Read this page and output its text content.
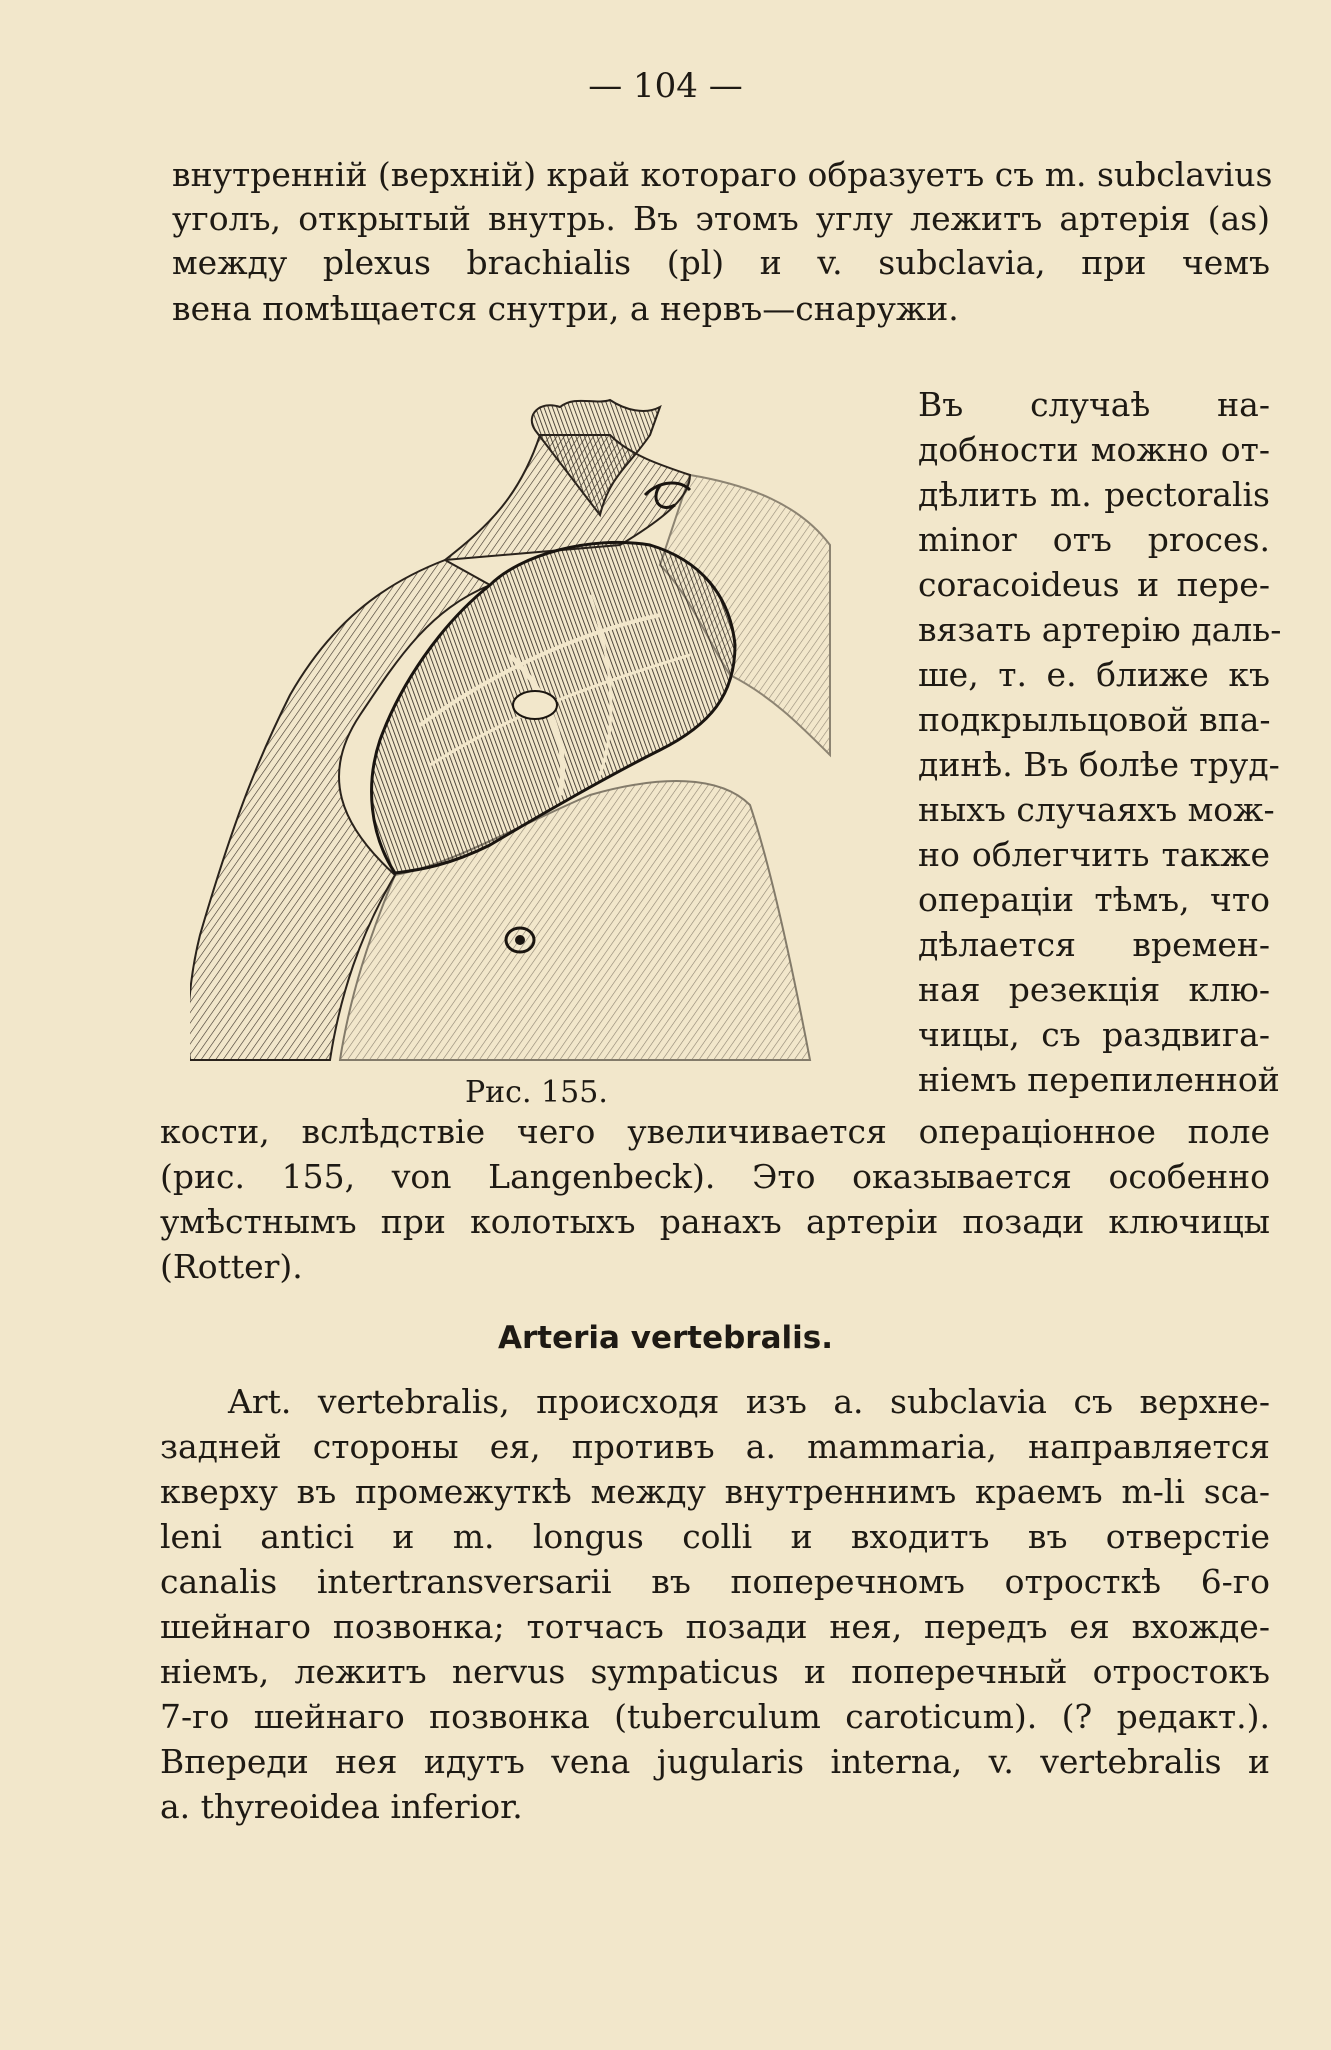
— 104 —
внутренній (верхній) край котораго образуетъ съ m. subclavius
уголъ, открытый внутрь. Въ этомъ углу лежитъ артерія (as)
между plexus brachialis (pl) и v. subclavia, при чемъ
вена помѣщается снутри, а нервъ—снаружи.
Въ случаѣ на-
добности можно от-
дѣлить m. pectoralis
minor отъ proces.
coracoideus и пере-
вязать артерію даль-
ше, т. е. ближе къ
подкрыльцовой впа-
динѣ. Въ болѣе труд-
ныхъ случаяхъ мож-
но облегчить также
операціи тѣмъ, что
дѣлается времен-
ная резекція клю-
чицы, съ раздвига-
ніемъ перепиленной
Рис. 155.
кости, вслѣдствіе чего увеличивается операціонное поле
(рис. 155, von Langenbeck). Это оказывается особенно
умѣстнымъ при колотыхъ ранахъ артеріи позади ключицы
(Rotter).
Arteria vertebralis.
Art. vertebralis, происходя изъ a. subclavia съ верхне-
задней стороны ея, противъ a. mammaria, направляется
кверху въ промежуткѣ между внутреннимъ краемъ m-li sca-
leni antici и m. longus colli и входитъ въ отверстіе
canalis intertransversarii въ поперечномъ отросткѣ 6-го
шейнаго позвонка; тотчасъ позади нея, передъ ея вхожде-
ніемъ, лежитъ nervus sympaticus и поперечный отростокъ
7-го шейнаго позвонка (tuberculum caroticum). (? редакт.).
Впереди нея идутъ vena jugularis interna, v. vertebralis и
a. thyreoidea inferior.
